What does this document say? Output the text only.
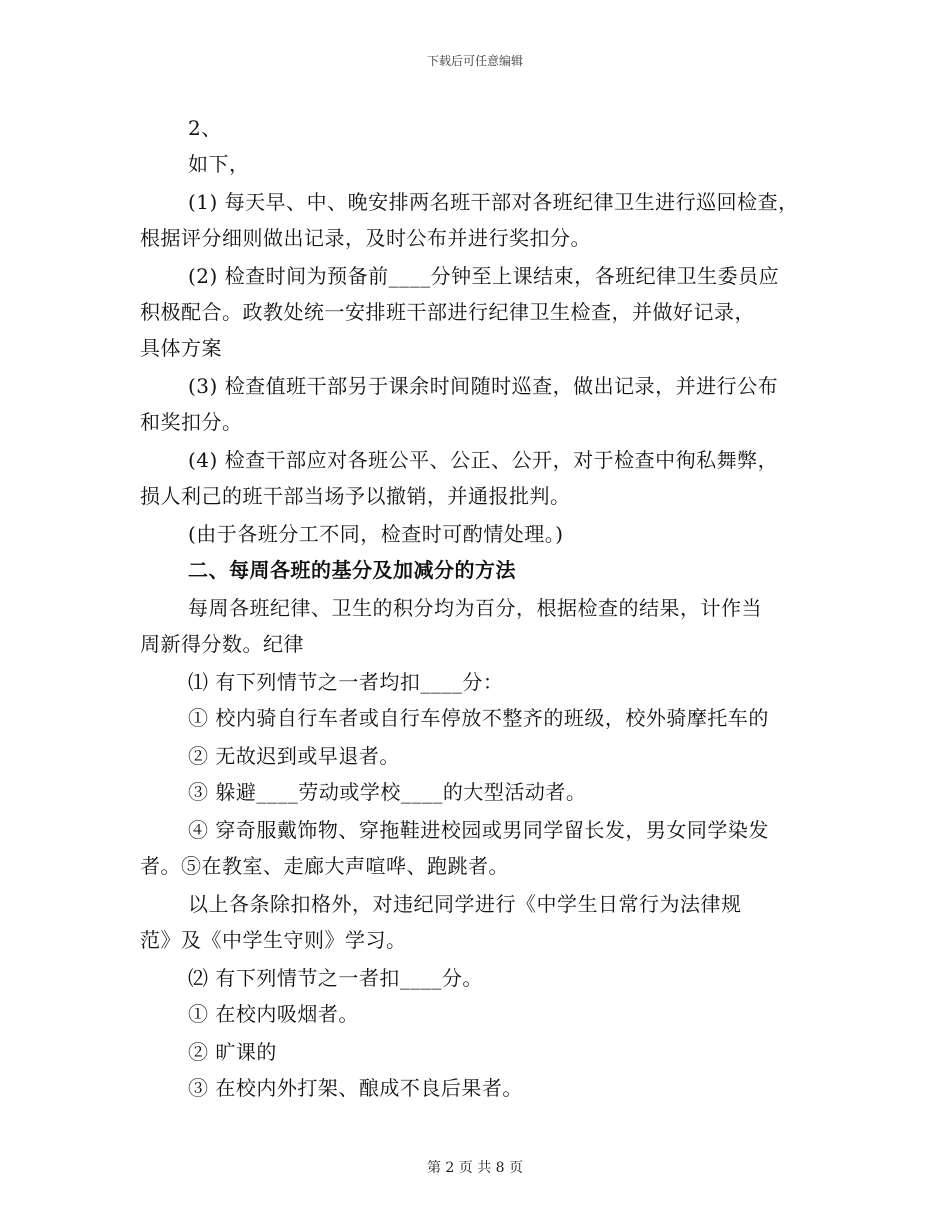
下载后可任意编辑
2、
如下，
(1) 每天早、中、晚安排两名班干部对各班纪律卫生进行巡回检查，
根据评分细则做出记录，及时公布并进行奖扣分。
(2) 检查时间为预备前____分钟至上课结束，各班纪律卫生委员应
积极配合。政教处统一安排班干部进行纪律卫生检查，并做好记录，
具体方案
(3) 检查值班干部另于课余时间随时巡查，做出记录，并进行公布
和奖扣分。
(4) 检查干部应对各班公平、公正、公开，对于检查中徇私舞弊，
损人利己的班干部当场予以撤销，并通报批判。
(由于各班分工不同，检查时可酌情处理。)
二、每周各班的基分及加减分的方法
每周各班纪律、卫生的积分均为百分，根据检查的结果，计作当
周新得分数。纪律
⑴ 有下列情节之一者均扣____分：
① 校内骑自行车者或自行车停放不整齐的班级，校外骑摩托车的
② 无故迟到或早退者。
③ 躲避____劳动或学校____的大型活动者。
④ 穿奇服戴饰物、穿拖鞋进校园或男同学留长发，男女同学染发
者。⑤在教室、走廊大声喧哗、跑跳者。
以上各条除扣格外，对违纪同学进行《中学生日常行为法律规
范》及《中学生守则》学习。
⑵ 有下列情节之一者扣____分。
① 在校内吸烟者。
② 旷课的
③ 在校内外打架、酿成不良后果者。
第 2 页 共 8 页
